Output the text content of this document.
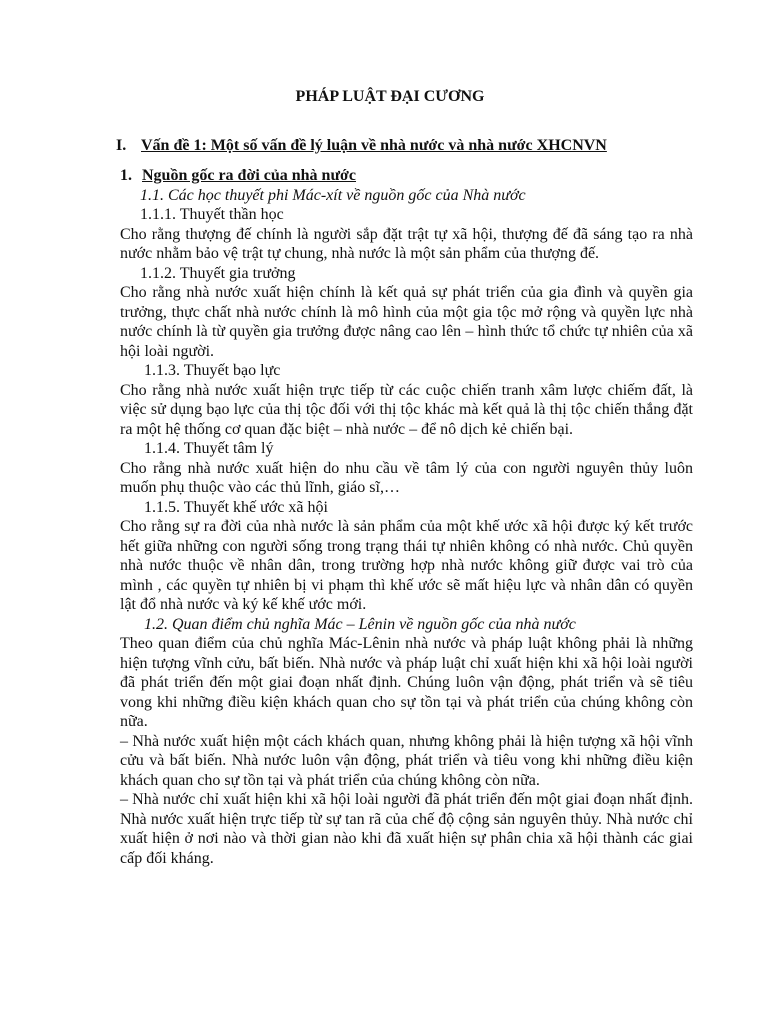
PHÁP LUẬT ĐẠI CƯƠNG
I. Vấn đề 1: Một số vấn đề lý luận về nhà nước và nhà nước XHCNVN
1. Nguồn gốc ra đời của nhà nước

1.1. Các học thuyết phi Mác-xít về nguồn gốc của Nhà nước

1.1.1. Thuyết thần học

Cho rằng thượng đế chính là người sắp đặt trật tự xã hội, thượng đế đã sáng tạo ra nhà nước nhằm bảo vệ trật tự chung, nhà nước là một sản phẩm của thượng đế.

1.1.2. Thuyết gia trưởng

Cho rằng nhà nước xuất hiện chính là kết quả sự phát triển của gia đình và quyền gia trưởng, thực chất nhà nước chính là mô hình của một gia tộc mở rộng và quyền lực nhà nước chính là từ quyền gia trưởng được nâng cao lên – hình thức tổ chức tự nhiên của xã hội loài người.

1.1.3. Thuyết bạo lực

Cho rằng nhà nước xuất hiện trực tiếp từ các cuộc chiến tranh xâm lược chiếm đất, là việc sử dụng bạo lực của thị tộc đối với thị tộc khác mà kết quả là thị tộc chiến thắng đặt ra một hệ thống cơ quan đặc biệt – nhà nước – để nô dịch kẻ chiến bại.

1.1.4. Thuyết tâm lý

Cho rằng nhà nước xuất hiện do nhu cầu về tâm lý của con người nguyên thủy luôn muốn phụ thuộc vào các thủ lĩnh, giáo sĩ,…

1.1.5. Thuyết khế ước xã hội

Cho rằng sự ra đời của nhà nước là sản phẩm của một khế ước xã hội được ký kết trước hết giữa những con người sống trong trạng thái tự nhiên không có nhà nước. Chủ quyền nhà nước thuộc về nhân dân, trong trường hợp nhà nước không giữ được vai trò của mình , các quyền tự nhiên bị vi phạm thì khế ước sẽ mất hiệu lực và nhân dân có quyền lật đổ nhà nước và ký kế khế ước mới.

1.2. Quan điểm chủ nghĩa Mác – Lênin về nguồn gốc của nhà nước

Theo quan điểm của chủ nghĩa Mác-Lênin nhà nước và pháp luật không phải là những hiện tượng vĩnh cửu, bất biến. Nhà nước và pháp luật chỉ xuất hiện khi xã hội loài người đã phát triển đến một giai đoạn nhất định. Chúng luôn vận động, phát triển và sẽ tiêu vong khi những điều kiện khách quan cho sự tồn tại và phát triển của chúng không còn nữa.

– Nhà nước xuất hiện một cách khách quan, nhưng không phải là hiện tượng xã hội vĩnh cửu và bất biến. Nhà nước luôn vận động, phát triển và tiêu vong khi những điều kiện khách quan cho sự tồn tại và phát triển của chúng không còn nữa.

– Nhà nước chỉ xuất hiện khi xã hội loài người đã phát triển đến một giai đoạn nhất định. Nhà nước xuất hiện trực tiếp từ sự tan rã của chế độ cộng sản nguyên thủy. Nhà nước chỉ xuất hiện ở nơi nào và thời gian nào khi đã xuất hiện sự phân chia xã hội thành các giai cấp đối kháng.
